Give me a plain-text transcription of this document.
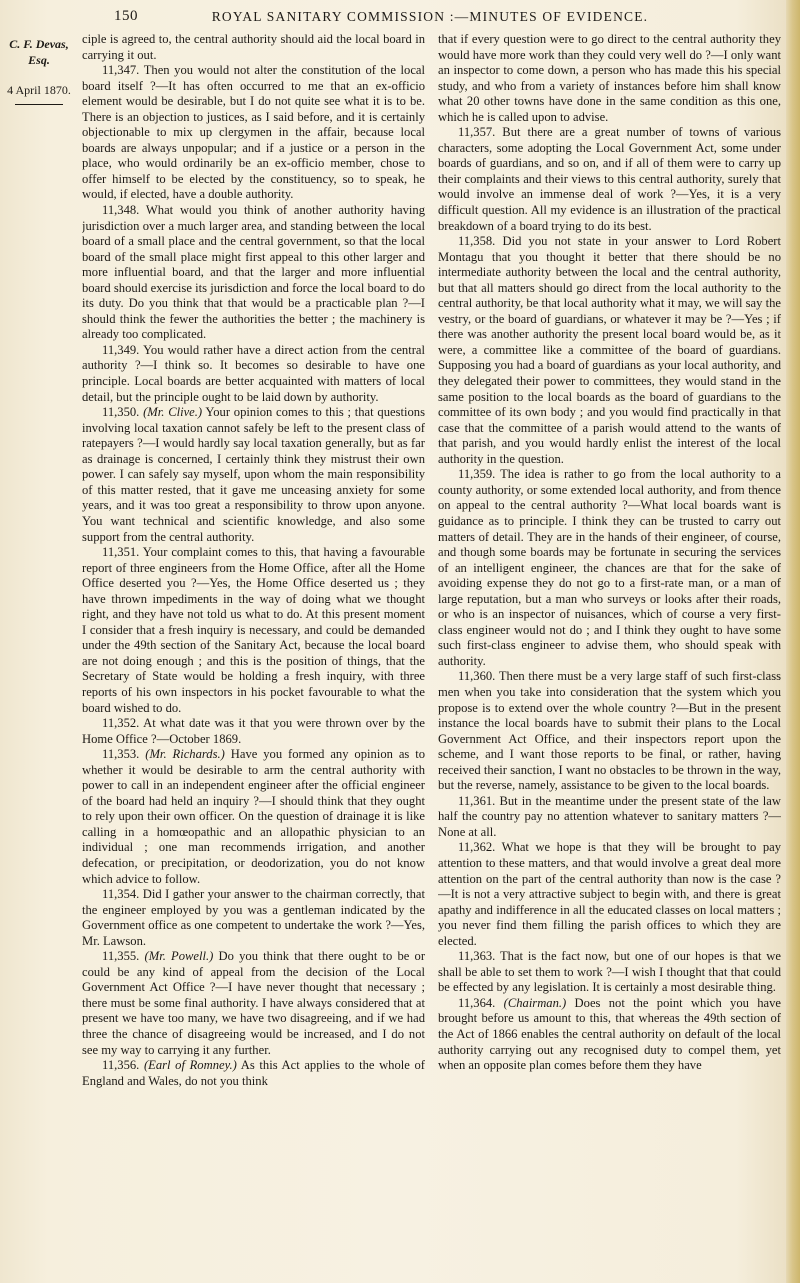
150	ROYAL SANITARY COMMISSION :—MINUTES OF EVIDENCE.
C. F. Devas,
Esq.
4 April 1870.

ciple is agreed to, the central authority should aid the local board in carrying it out.

11,347. Then you would not alter the constitution of the local board itself ?—It has often occurred to me that an ex-officio element would be desirable, but I do not quite see what it is to be. There is an objection to justices, as I said before, and it is certainly objectionable to mix up clergymen in the affair, because local boards are always unpopular; and if a justice or a person in the place, who would ordinarily be an ex-officio member, chose to offer himself to be elected by the constituency, so to speak, he would, if elected, have a double authority.

11,348. What would you think of another authority having jurisdiction over a much larger area, and standing between the local board of a small place and the central government, so that the local board of the small place might first appeal to this other larger and more influential board, and that the larger and more influential board should exercise its jurisdiction and force the local board to do its duty. Do you think that that would be a practicable plan ?—I should think the fewer the authorities the better ; the machinery is already too complicated.

11,349. You would rather have a direct action from the central authority ?—I think so. It becomes so desirable to have one principle. Local boards are better acquainted with matters of local detail, but the principle ought to be laid down by authority.

11,350. (Mr. Clive.) Your opinion comes to this ; that questions involving local taxation cannot safely be left to the present class of ratepayers ?—I would hardly say local taxation generally, but as far as drainage is concerned, I certainly think they mistrust their own power. I can safely say myself, upon whom the main responsibility of this matter rested, that it gave me unceasing anxiety for some years, and it was too great a responsibility to throw upon anyone. You want technical and scientific knowledge, and also some support from the central authority.

11,351. Your complaint comes to this, that having a favourable report of three engineers from the Home Office, after all the Home Office deserted you ?—Yes, the Home Office deserted us ; they have thrown impediments in the way of doing what we thought right, and they have not told us what to do. At this present moment I consider that a fresh inquiry is necessary, and could be demanded under the 49th section of the Sanitary Act, because the local board are not doing enough ; and this is the position of things, that the Secretary of State would be holding a fresh inquiry, with three reports of his own inspectors in his pocket favourable to what the board wished to do.

11,352. At what date was it that you were thrown over by the Home Office ?—October 1869.

11,353. (Mr. Richards.) Have you formed any opinion as to whether it would be desirable to arm the central authority with power to call in an independent engineer after the official engineer of the board had held an inquiry ?—I should think that they ought to rely upon their own officer. On the question of drainage it is like calling in a homœopathic and an allopathic physician to an individual ; one man recommends irrigation, and another defecation, or precipitation, or deodorization, you do not know which advice to follow.

11,354. Did I gather your answer to the chairman correctly, that the engineer employed by you was a gentleman indicated by the Government office as one competent to undertake the work ?—Yes, Mr. Lawson.

11,355. (Mr. Powell.) Do you think that there ought to be or could be any kind of appeal from the decision of the Local Government Act Office ?—I have never thought that necessary ; there must be some final authority. I have always considered that at present we have too many, we have two disagreeing, and if we had three the chance of disagreeing would be increased, and I do not see my way to carrying it any further.

11,356. (Earl of Romney.) As this Act applies to the whole of England and Wales, do not you think

that if every question were to go direct to the central authority they would have more work than they could very well do ?—I only want an inspector to come down, a person who has made this his special study, and who from a variety of instances before him shall know what 20 other towns have done in the same condition as this one, which he is called upon to advise.

11,357. But there are a great number of towns of various characters, some adopting the Local Government Act, some under boards of guardians, and so on, and if all of them were to carry up their complaints and their views to this central authority, surely that would involve an immense deal of work ?—Yes, it is a very difficult question. All my evidence is an illustration of the practical breakdown of a board trying to do its best.

11,358. Did you not state in your answer to Lord Robert Montagu that you thought it better that there should be no intermediate authority between the local and the central authority, but that all matters should go direct from the local authority to the central authority, be that local authority what it may, we will say the vestry, or the board of guardians, or whatever it may be ?—Yes ; if there was another authority the present local board would be, as it were, a committee like a committee of the board of guardians. Supposing you had a board of guardians as your local authority, and they delegated their power to committees, they would stand in the same position to the local boards as the board of guardians to the committee of its own body ; and you would find practically in that case that the committee of a parish would attend to the wants of that parish, and you would hardly enlist the interest of the local authority in the question.

11,359. The idea is rather to go from the local authority to a county authority, or some extended local authority, and from thence on appeal to the central authority ?—What local boards want is guidance as to principle. I think they can be trusted to carry out matters of detail. They are in the hands of their engineer, of course, and though some boards may be fortunate in securing the services of an intelligent engineer, the chances are that for the sake of avoiding expense they do not go to a first-rate man, or a man of large reputation, but a man who surveys or looks after their roads, or who is an inspector of nuisances, which of course a very first-class engineer would not do ; and I think they ought to have some such first-class engineer to advise them, who should speak with authority.

11,360. Then there must be a very large staff of such first-class men when you take into consideration that the system which you propose is to extend over the whole country ?—But in the present instance the local boards have to submit their plans to the Local Government Act Office, and their inspectors report upon the scheme, and I want those reports to be final, or rather, having received their sanction, I want no obstacles to be thrown in the way, but the reverse, namely, assistance to be given to the local boards.

11,361. But in the meantime under the present state of the law half the country pay no attention whatever to sanitary matters ?—None at all.

11,362. What we hope is that they will be brought to pay attention to these matters, and that would involve a great deal more attention on the part of the central authority than now is the case ?—It is not a very attractive subject to begin with, and there is great apathy and indifference in all the educated classes on local matters ; you never find them filling the parish offices to which they are elected.

11,363. That is the fact now, but one of our hopes is that we shall be able to set them to work ?—I wish I thought that that could be effected by any legislation. It is certainly a most desirable thing.

11,364. (Chairman.) Does not the point which you have brought before us amount to this, that whereas the 49th section of the Act of 1866 enables the central authority on default of the local authority carrying out any recognised duty to compel them, yet when an opposite plan comes before them they have
